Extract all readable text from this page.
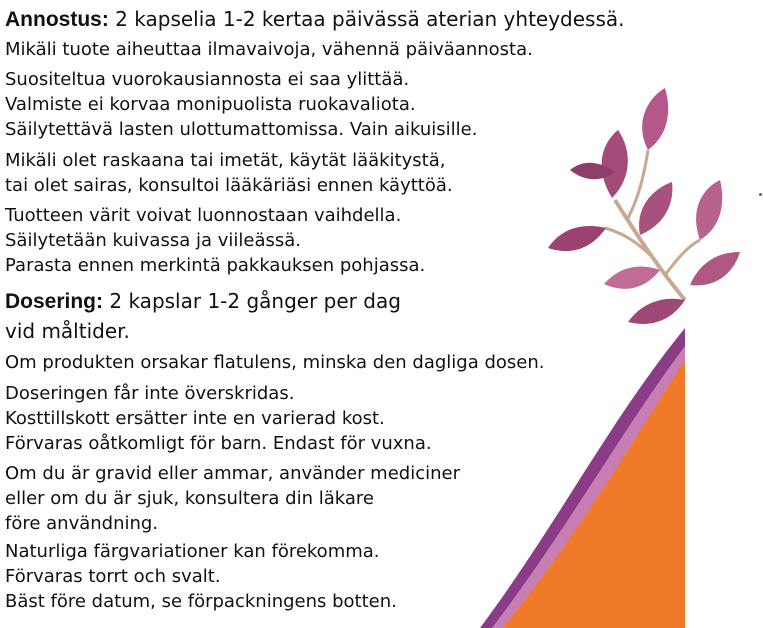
Annostus: 2 kapselia 1-2 kertaa päivässä aterian yhteydessä.
Mikäli tuote aiheuttaa ilmavaivoja, vähennä päiväannosta.
Suositeltua vuorokausiannosta ei saa ylittää.
Valmiste ei korvaa monipuolista ruokavaliota.
Säilytettävä lasten ulottumattomissa. Vain aikuisille.
Mikäli olet raskaana tai imetät, käytät lääkitystä,
tai olet sairas, konsultoi lääkäriäsi ennen käyttöä.
Tuotteen värit voivat luonnostaan vaihdella.
Säilytetään kuivassa ja viileässä.
Parasta ennen merkintä pakkauksen pohjassa.
Dosering: 2 kapslar 1-2 gånger per dag
vid måltider.
Om produkten orsakar flatulens, minska den dagliga dosen.
Doseringen får inte överskridas.
Kosttillskott ersätter inte en varierad kost.
Förvaras oåtkomligt för barn. Endast för vuxna.
Om du är gravid eller ammar, använder mediciner
eller om du är sjuk, konsultera din läkare
före användning.
Naturliga färgvariationer kan förekomma.
Förvaras torrt och svalt.
Bäst före datum, se förpackningens botten.
